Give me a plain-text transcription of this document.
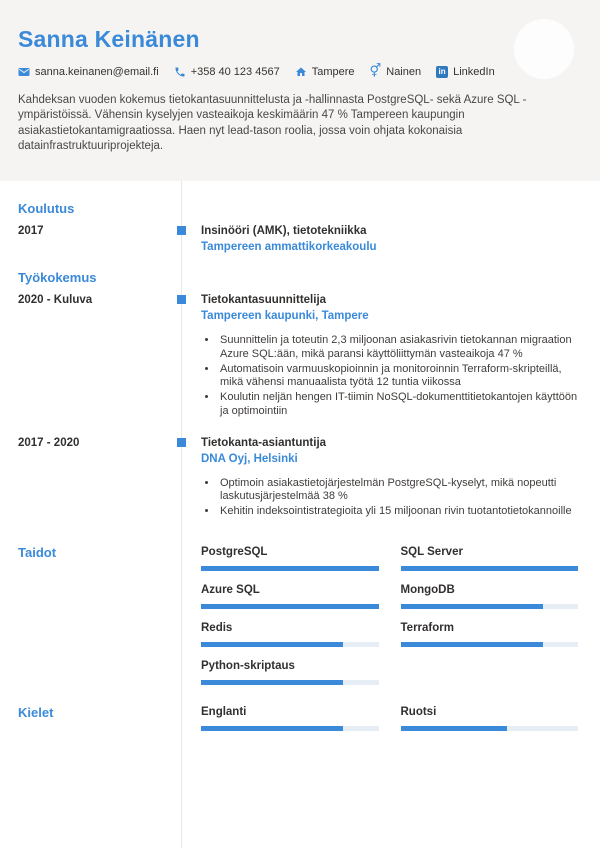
Sanna Keinänen
sanna.keinanen@email.fi	+358 40 123 4567	Tampere ⚥ Nainen	in LinkedIn

Kahdeksan vuoden kokemus tietokantasuunnittelusta ja -hallinnasta PostgreSQL- sekä Azure SQL -ympäristöissä. Vähensin kyselyjen vasteaikoja keskimäärin 47 % Tampereen kaupungin asiakastietokantamigraatiossa. Haen nyt lead-tason roolia, jossa voin ohjata kokonaisia datainfrastruktuuriprojekteja.

Koulutus
2017	Insinööri (AMK), tietotekniikka
Tampereen ammattikorkeakoulu
Työkokemus
2020 - Kuluva	Tietokantasuunnittelija
Tampereen kaupunki, Tampere
• Suunnittelin ja toteutin 2,3 miljoonan asiakasrivin tietokannan migraation Azure SQL:ään, mikä paransi käyttöliittymän vasteaikoja 47 %
• Automatisoin varmuuskopioinnin ja monitoroinnin Terraform-skripteillä, mikä vähensi manuaalista työtä 12 tuntia viikossa
• Koulutin neljän hengen IT-tiimin NoSQL-dokumenttitietokantojen käyttöön ja optimointiin
2017 - 2020	Tietokanta-asiantuntija
DNA Oyj, Helsinki
• Optimoin asiakastietojärjestelmän PostgreSQL-kyselyt, mikä nopeutti laskutusjärjestelmää 38 %
• Kehitin indeksointistrategioita yli 15 miljoonan rivin tuotantotietokannoille
Taidot	PostgreSQL	SQL Server
Azure SQL	MongoDB
Redis	Terraform
Python-skriptaus
Kielet	Englanti	Ruotsi
